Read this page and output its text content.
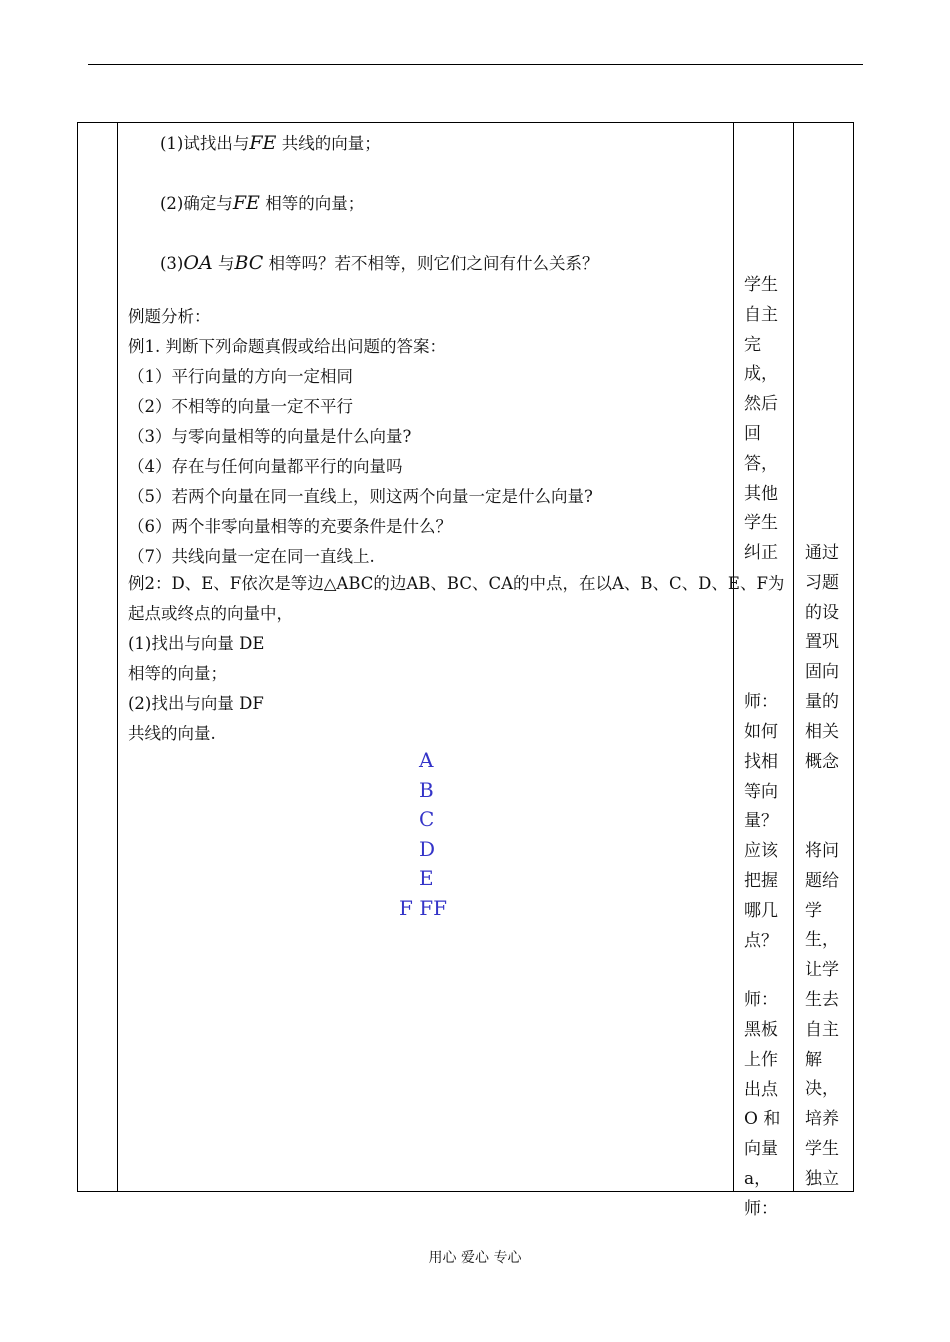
(1)试找出与FE 共线的向量；
(2)确定与FE 相等的向量；
(3)OA 与BC 相等吗？若不相等，则它们之间有什么关系？
例题分析：
例1. 判断下列命题真假或给出问题的答案：
（1）平行向量的方向一定相同
（2）不相等的向量一定不平行
（3）与零向量相等的向量是什么向量?
（4）存在与任何向量都平行的向量吗
（5）若两个向量在同一直线上，则这两个向量一定是什么向量?
（6）两个非零向量相等的充要条件是什么？
（7）共线向量一定在同一直线上.
例2：D、E、F依次是等边△ABC的边AB、BC、CA的中点，在以A、B、C、D、E、F为
起点或终点的向量中，
(1)找出与向量 DE
相等的向量；
(2)找出与向量 DF
共线的向量.
A
B
C
D
E
F FF
学生
自主
完
成，
然后
回
答，
其他
学生
纠正

师：
如何
找相
等向
量？
应该
把握
哪几
点？

师：
黑板
上作
出点
O 和
向量
a，
师：
通过
习题
的设
置巩
固向
量的
相关
概念

将问
题给
学
生，
让学
生去
自主
解
决，
培养
学生
独立
用心 爱心 专心
